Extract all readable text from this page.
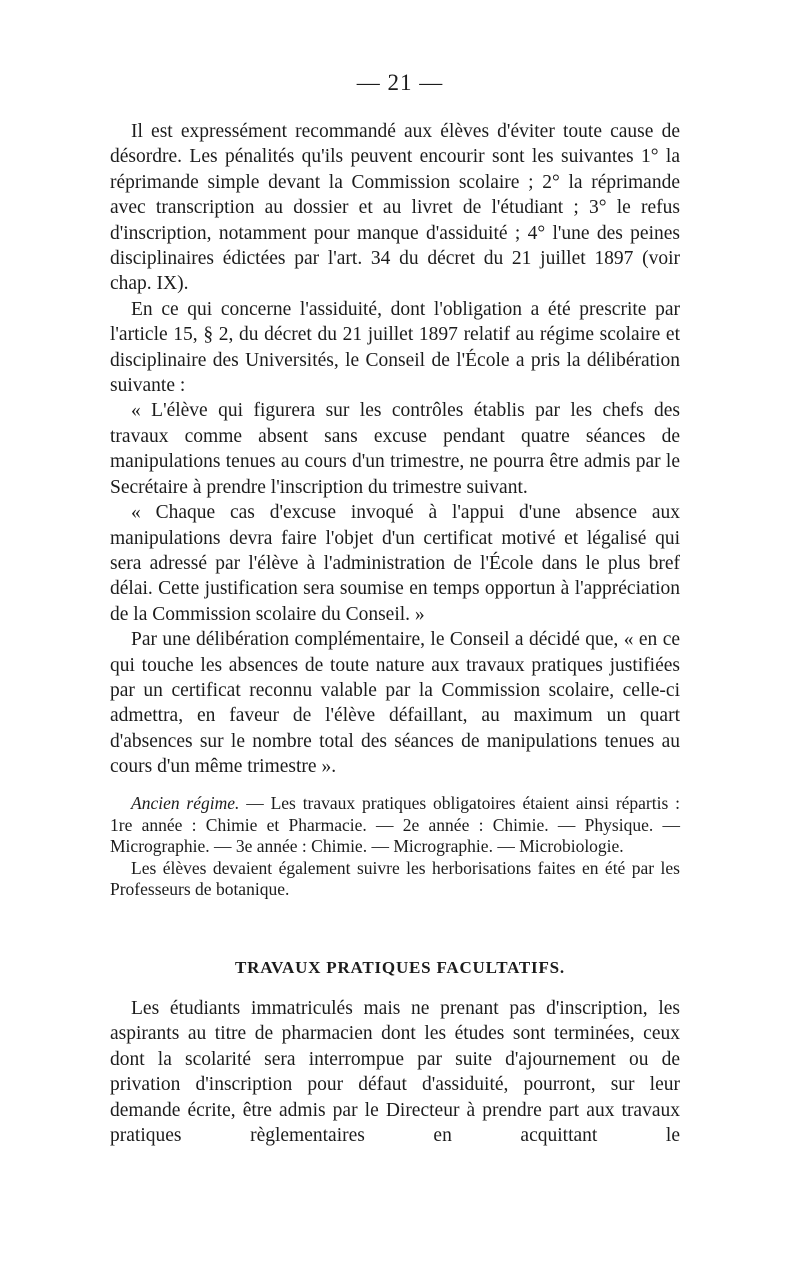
— 21 —

Il est expressément recommandé aux élèves d'éviter toute cause de désordre. Les pénalités qu'ils peuvent encourir sont les suivantes 1° la réprimande simple devant la Commission scolaire ; 2° la réprimande avec transcription au dossier et au livret de l'étudiant ; 3° le refus d'inscription, notamment pour manque d'assiduité ; 4° l'une des peines disciplinaires édictées par l'art. 34 du décret du 21 juillet 1897 (voir chap. IX).

En ce qui concerne l'assiduité, dont l'obligation a été prescrite par l'article 15, § 2, du décret du 21 juillet 1897 relatif au régime scolaire et disciplinaire des Universités, le Conseil de l'École a pris la délibération suivante :

« L'élève qui figurera sur les contrôles établis par les chefs des travaux comme absent sans excuse pendant quatre séances de manipulations tenues au cours d'un trimestre, ne pourra être admis par le Secrétaire à prendre l'inscription du trimestre suivant.

« Chaque cas d'excuse invoqué à l'appui d'une absence aux manipulations devra faire l'objet d'un certificat motivé et légalisé qui sera adressé par l'élève à l'administration de l'École dans le plus bref délai. Cette justification sera soumise en temps opportun à l'appréciation de la Commission scolaire du Conseil. »

Par une délibération complémentaire, le Conseil a décidé que, « en ce qui touche les absences de toute nature aux travaux pratiques justifiées par un certificat reconnu valable par la Commission scolaire, celle-ci admettra, en faveur de l'élève défaillant, au maximum un quart d'absences sur le nombre total des séances de manipulations tenues au cours d'un même trimestre ».

Ancien régime. — Les travaux pratiques obligatoires étaient ainsi répartis : 1re année : Chimie et Pharmacie. — 2e année : Chimie. — Physique. — Micrographie. — 3e année : Chimie. — Micrographie. — Microbiologie.

Les élèves devaient également suivre les herborisations faites en été par les Professeurs de botanique.

TRAVAUX PRATIQUES FACULTATIFS.

Les étudiants immatriculés mais ne prenant pas d'inscription, les aspirants au titre de pharmacien dont les études sont terminées, ceux dont la scolarité sera interrompue par suite d'ajournement ou de privation d'inscription pour défaut d'assiduité, pourront, sur leur demande écrite, être admis par le Directeur à prendre part aux travaux pratiques règlementaires en acquittant le
